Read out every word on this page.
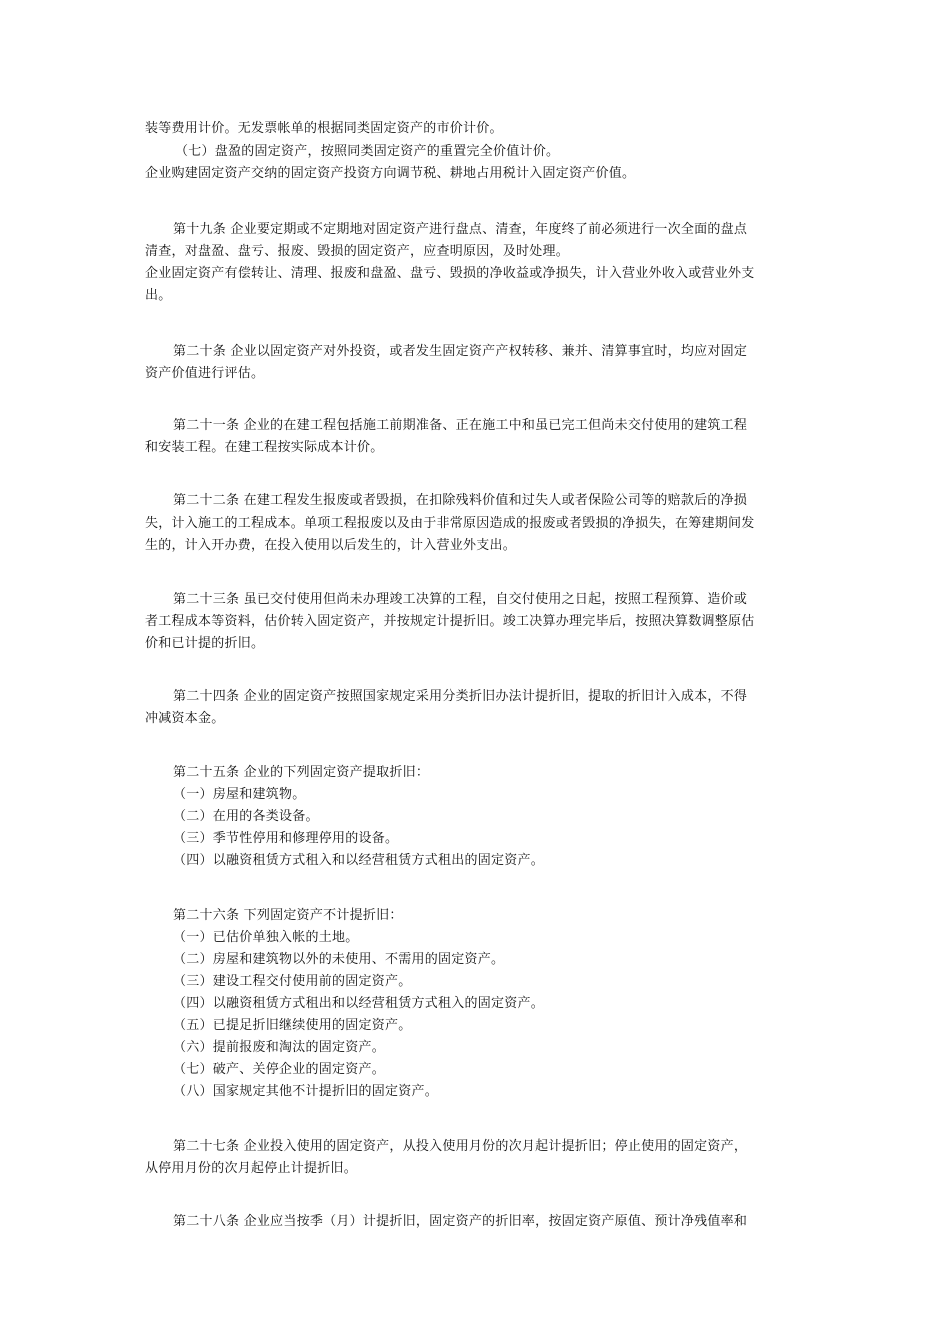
装等费用计价。无发票帐单的根据同类固定资产的市价计价。
（七）盘盈的固定资产，按照同类固定资产的重置完全价值计价。
企业购建固定资产交纳的固定资产投资方向调节税、耕地占用税计入固定资产价值。
第十九条 企业要定期或不定期地对固定资产进行盘点、清查，年度终了前必须进行一次全面的盘点
清查，对盘盈、盘亏、报废、毁损的固定资产，应查明原因，及时处理。
企业固定资产有偿转让、清理、报废和盘盈、盘亏、毁损的净收益或净损失，计入营业外收入或营业外支
出。
第二十条 企业以固定资产对外投资，或者发生固定资产产权转移、兼并、清算事宜时，均应对固定
资产价值进行评估。
第二十一条 企业的在建工程包括施工前期准备、正在施工中和虽已完工但尚未交付使用的建筑工程
和安装工程。在建工程按实际成本计价。
第二十二条 在建工程发生报废或者毁损，在扣除残料价值和过失人或者保险公司等的赔款后的净损
失，计入施工的工程成本。单项工程报废以及由于非常原因造成的报废或者毁损的净损失，在筹建期间发
生的，计入开办费，在投入使用以后发生的，计入营业外支出。
第二十三条 虽已交付使用但尚未办理竣工决算的工程，自交付使用之日起，按照工程预算、造价或
者工程成本等资料，估价转入固定资产，并按规定计提折旧。竣工决算办理完毕后，按照决算数调整原估
价和已计提的折旧。
第二十四条 企业的固定资产按照国家规定采用分类折旧办法计提折旧，提取的折旧计入成本，不得
冲减资本金。
第二十五条 企业的下列固定资产提取折旧：
（一）房屋和建筑物。
（二）在用的各类设备。
（三）季节性停用和修理停用的设备。
（四）以融资租赁方式租入和以经营租赁方式租出的固定资产。
第二十六条 下列固定资产不计提折旧：
（一）已估价单独入帐的土地。
（二）房屋和建筑物以外的未使用、不需用的固定资产。
（三）建设工程交付使用前的固定资产。
（四）以融资租赁方式租出和以经营租赁方式租入的固定资产。
（五）已提足折旧继续使用的固定资产。
（六）提前报废和淘汰的固定资产。
（七）破产、关停企业的固定资产。
（八）国家规定其他不计提折旧的固定资产。
第二十七条 企业投入使用的固定资产，从投入使用月份的次月起计提折旧；停止使用的固定资产，
从停用月份的次月起停止计提折旧。
第二十八条 企业应当按季（月）计提折旧，固定资产的折旧率，按固定资产原值、预计净残值率和
